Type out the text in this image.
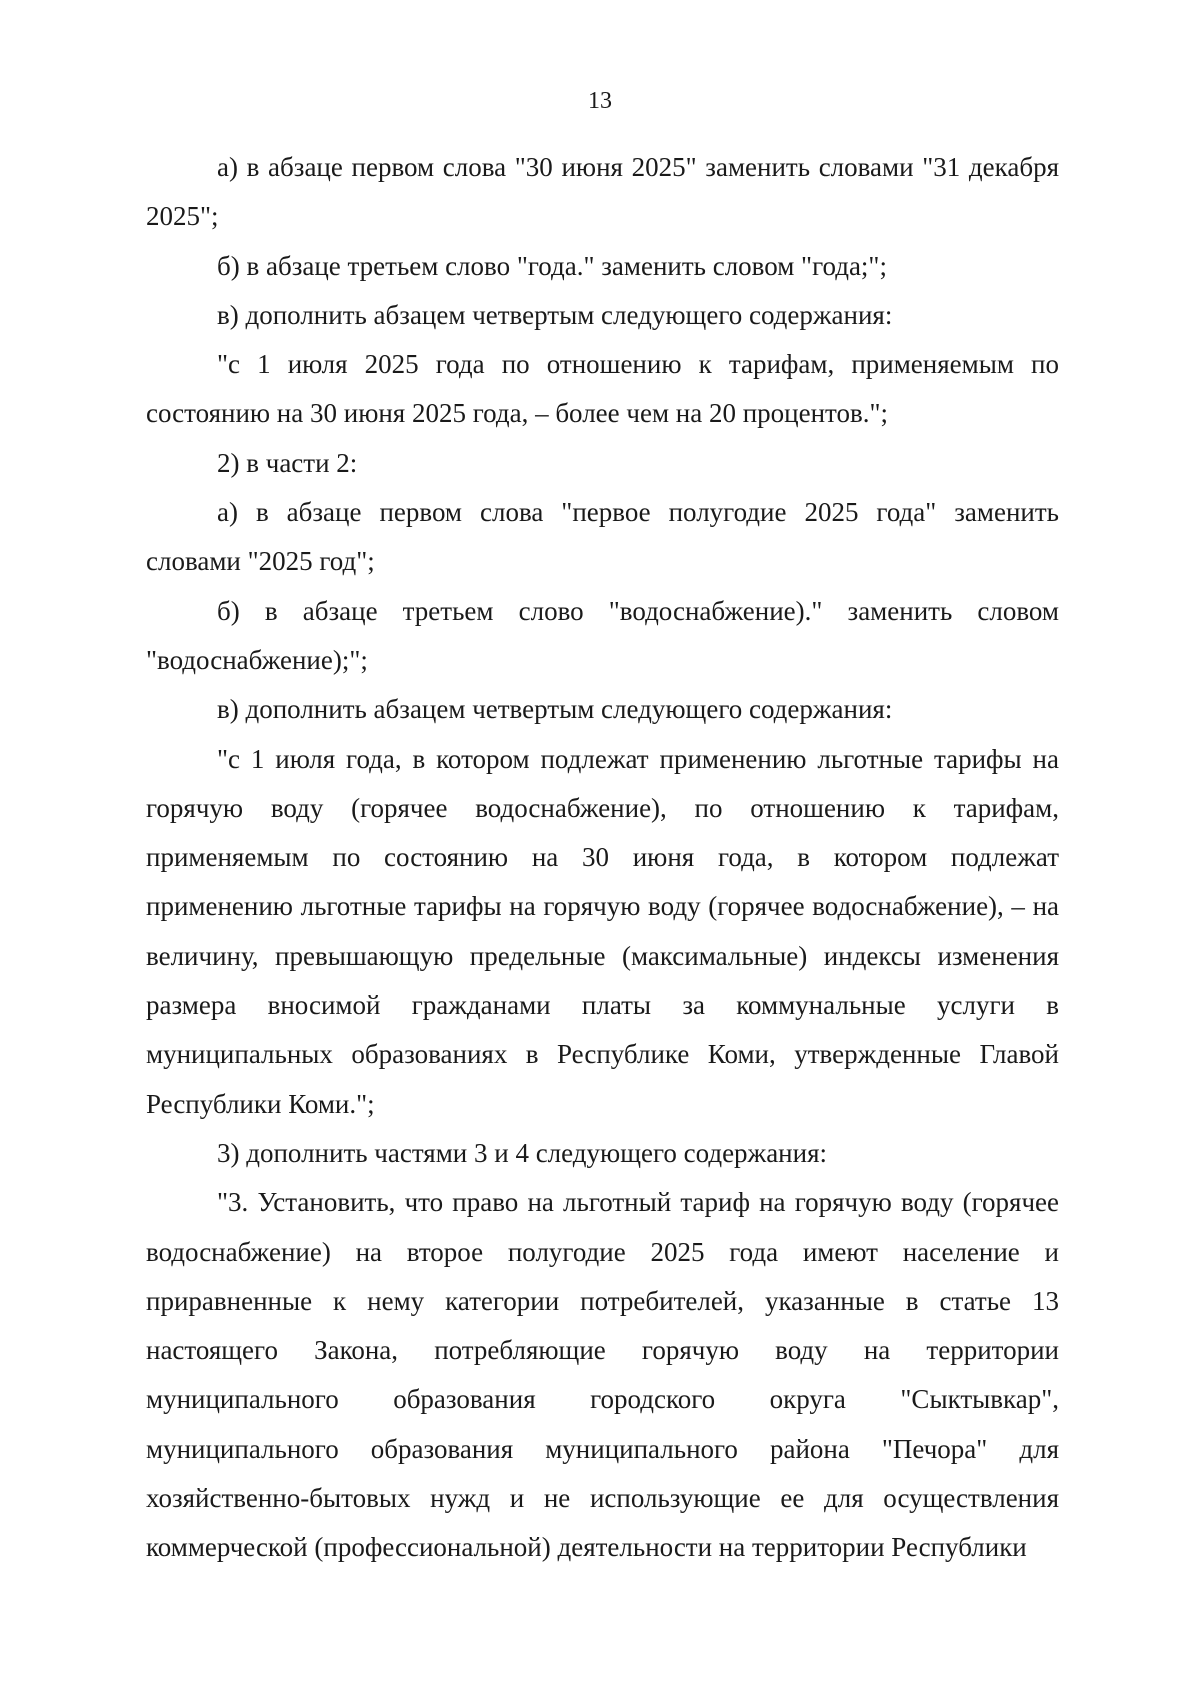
13

а) в абзаце первом слова "30 июня 2025" заменить словами "31 декабря 2025";

б) в абзаце третьем слово "года." заменить словом "года;";

в) дополнить абзацем четвертым следующего содержания:

"с 1 июля 2025 года по отношению к тарифам, применяемым по состоянию на 30 июня 2025 года, – более чем на 20 процентов.";

2) в части 2:

а) в абзаце первом слова "первое полугодие 2025 года" заменить словами "2025 год";

б) в абзаце третьем слово "водоснабжение)." заменить словом "водоснабжение);";

в) дополнить абзацем четвертым следующего содержания:

"с 1 июля года, в котором подлежат применению льготные тарифы на горячую воду (горячее водоснабжение), по отношению к тарифам, применяемым по состоянию на 30 июня года, в котором подлежат применению льготные тарифы на горячую воду (горячее водоснабжение), – на величину, превышающую предельные (максимальные) индексы изменения размера вносимой гражданами платы за коммунальные услуги в муниципальных образованиях в Республике Коми, утвержденные Главой Республики Коми.";

3) дополнить частями 3 и 4 следующего содержания:

"3. Установить, что право на льготный тариф на горячую воду (горячее водоснабжение) на второе полугодие 2025 года имеют население и приравненные к нему категории потребителей, указанные в статье 13 настоящего Закона, потребляющие горячую воду на территории муниципального образования городского округа "Сыктывкар", муниципального образования муниципального района "Печора" для хозяйственно-бытовых нужд и не использующие ее для осуществления коммерческой (профессиональной) деятельности на территории Республики
